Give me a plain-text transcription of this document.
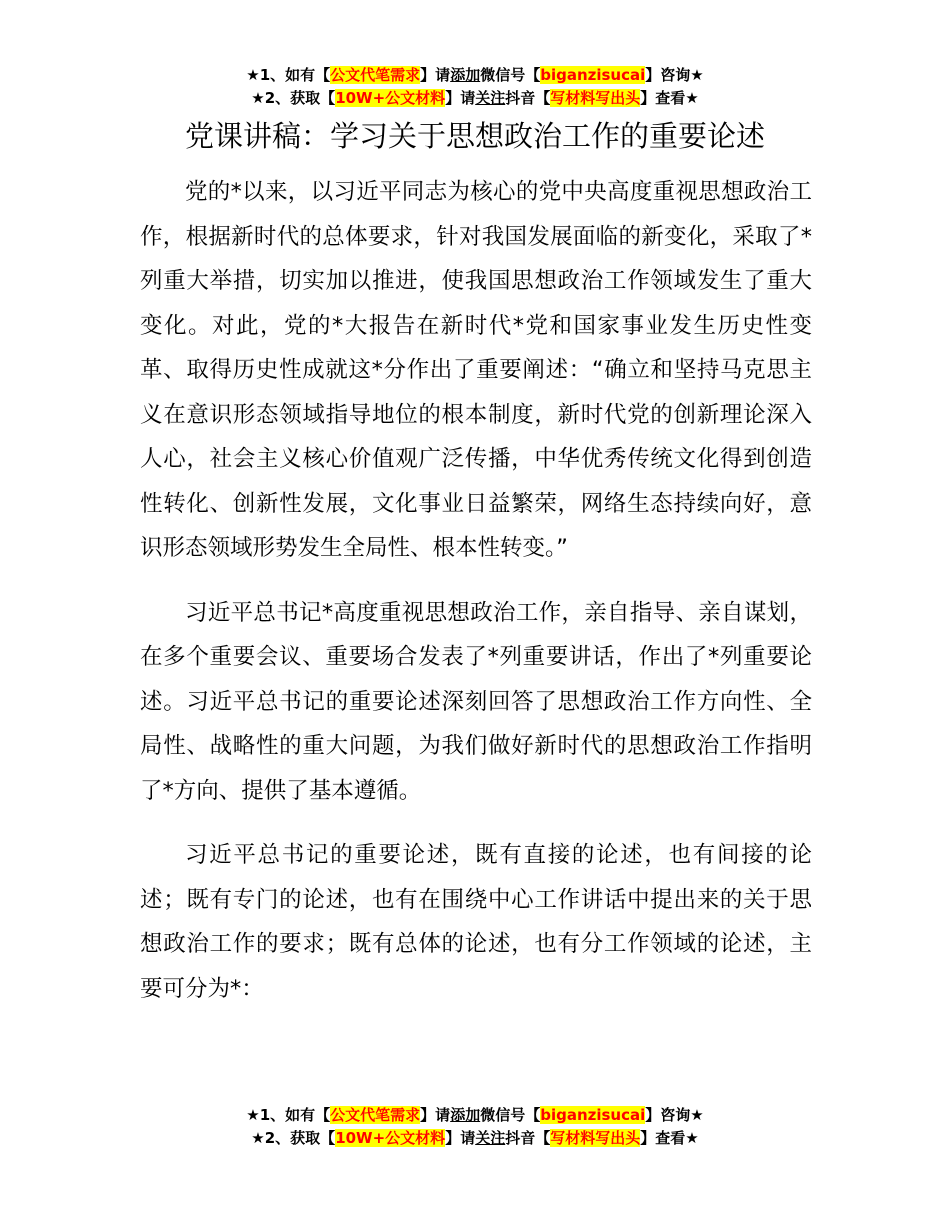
★1、如有【公文代笔需求】请添加微信号【biganzisucai】咨询★
★2、获取【10W+公文材料】请关注抖音【写材料写出头】查看★
党课讲稿：学习关于思想政治工作的重要论述

党的*以来，以习近平同志为核心的党中央高度重视思想政治工作，根据新时代的总体要求，针对我国发展面临的新变化，采取了*列重大举措，切实加以推进，使我国思想政治工作领域发生了重大变化。对此，党的*大报告在新时代*党和国家事业发生历史性变革、取得历史性成就这*分作出了重要阐述：“确立和坚持马克思主义在意识形态领域指导地位的根本制度，新时代党的创新理论深入人心，社会主义核心价值观广泛传播，中华优秀传统文化得到创造性转化、创新性发展，文化事业日益繁荣，网络生态持续向好，意识形态领域形势发生全局性、根本性转变。”

习近平总书记*高度重视思想政治工作，亲自指导、亲自谋划，在多个重要会议、重要场合发表了*列重要讲话，作出了*列重要论述。习近平总书记的重要论述深刻回答了思想政治工作方向性、全局性、战略性的重大问题，为我们做好新时代的思想政治工作指明了*方向、提供了基本遵循。

习近平总书记的重要论述，既有直接的论述，也有间接的论述；既有专门的论述，也有在围绕中心工作讲话中提出来的关于思想政治工作的要求；既有总体的论述，也有分工作领域的论述，主要可分为*：

★1、如有【公文代笔需求】请添加微信号【biganzisucai】咨询★
★2、获取【10W+公文材料】请关注抖音【写材料写出头】查看★
